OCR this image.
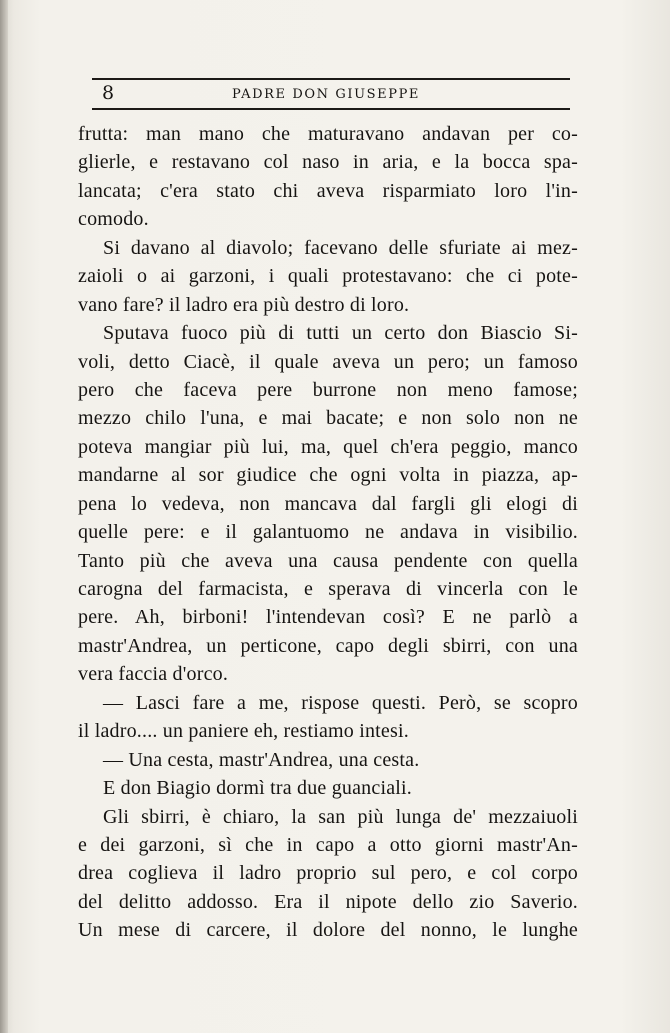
8	PADRE DON GIUSEPPE
frutta: man mano che maturavano andavan per co-
glierle, e restavano col naso in aria, e la bocca spa-
lancata; c'era stato chi aveva risparmiato loro l'in-
comodo.
Si davano al diavolo; facevano delle sfuriate ai mez-
zaioli o ai garzoni, i quali protestavano: che ci pote-
vano fare? il ladro era più destro di loro.
Sputava fuoco più di tutti un certo don Biascio Si-
voli, detto Ciacè, il quale aveva un pero; un famoso
pero che faceva pere burrone non meno famose;
mezzo chilo l'una, e mai bacate; e non solo non ne
poteva mangiar più lui, ma, quel ch'era peggio, manco
mandarne al sor giudice che ogni volta in piazza, ap-
pena lo vedeva, non mancava dal fargli gli elogi di
quelle pere: e il galantuomo ne andava in visibilio.
Tanto più che aveva una causa pendente con quella
carogna del farmacista, e sperava di vincerla con le
pere. Ah, birboni! l'intendevan così? E ne parlò a
mastr'Andrea, un perticone, capo degli sbirri, con una
vera faccia d'orco.
— Lasci fare a me, rispose questi. Però, se scopro
il ladro.... un paniere eh, restiamo intesi.
— Una cesta, mastr'Andrea, una cesta.
E don Biagio dormì tra due guanciali.
Gli sbirri, è chiaro, la san più lunga de' mezzaiuoli
e dei garzoni, sì che in capo a otto giorni mastr'An-
drea coglieva il ladro proprio sul pero, e col corpo
del delitto addosso. Era il nipote dello zio Saverio.
Un mese di carcere, il dolore del nonno, le lunghe
